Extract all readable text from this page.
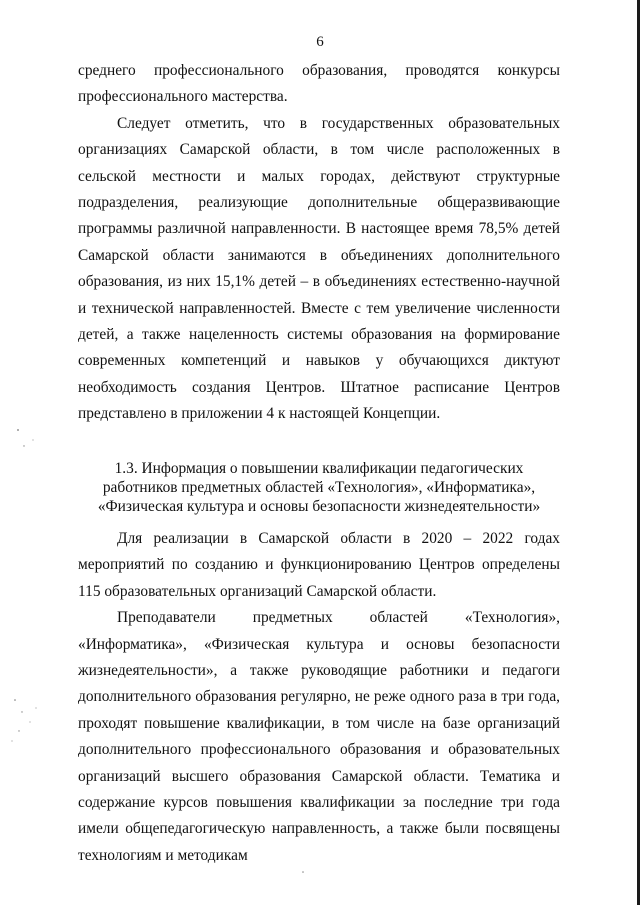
6

среднего профессионального образования, проводятся конкурсы профессионального мастерства.

Следует отметить, что в государственных образовательных организациях Самарской области, в том числе расположенных в сельской местности и малых городах, действуют структурные подразделения, реализующие дополнительные общеразвивающие программы различной направленности. В настоящее время 78,5% детей Самарской области занимаются в объединениях дополнительного образования, из них 15,1% детей – в объединениях естественно-научной и технической направленностей. Вместе с тем увеличение численности детей, а также нацеленность системы образования на формирование современных компетенций и навыков у обучающихся диктуют необходимость создания Центров. Штатное расписание Центров представлено в приложении 4 к настоящей Концепции.

1.3. Информация о повышении квалификации педагогических работников предметных областей «Технология», «Информатика», «Физическая культура и основы безопасности жизнедеятельности»

Для реализации в Самарской области в 2020 – 2022 годах мероприятий по созданию и функционированию Центров определены 115 образовательных организаций Самарской области.

Преподаватели предметных областей «Технология», «Информатика», «Физическая культура и основы безопасности жизнедеятельности», а также руководящие работники и педагоги дополнительного образования регулярно, не реже одного раза в три года, проходят повышение квалификации, в том числе на базе организаций дополнительного профессионального образования и образовательных организаций высшего образования Самарской области. Тематика и содержание курсов повышения квалификации за последние три года имели общепедагогическую направленность, а также были посвящены технологиям и методикам
